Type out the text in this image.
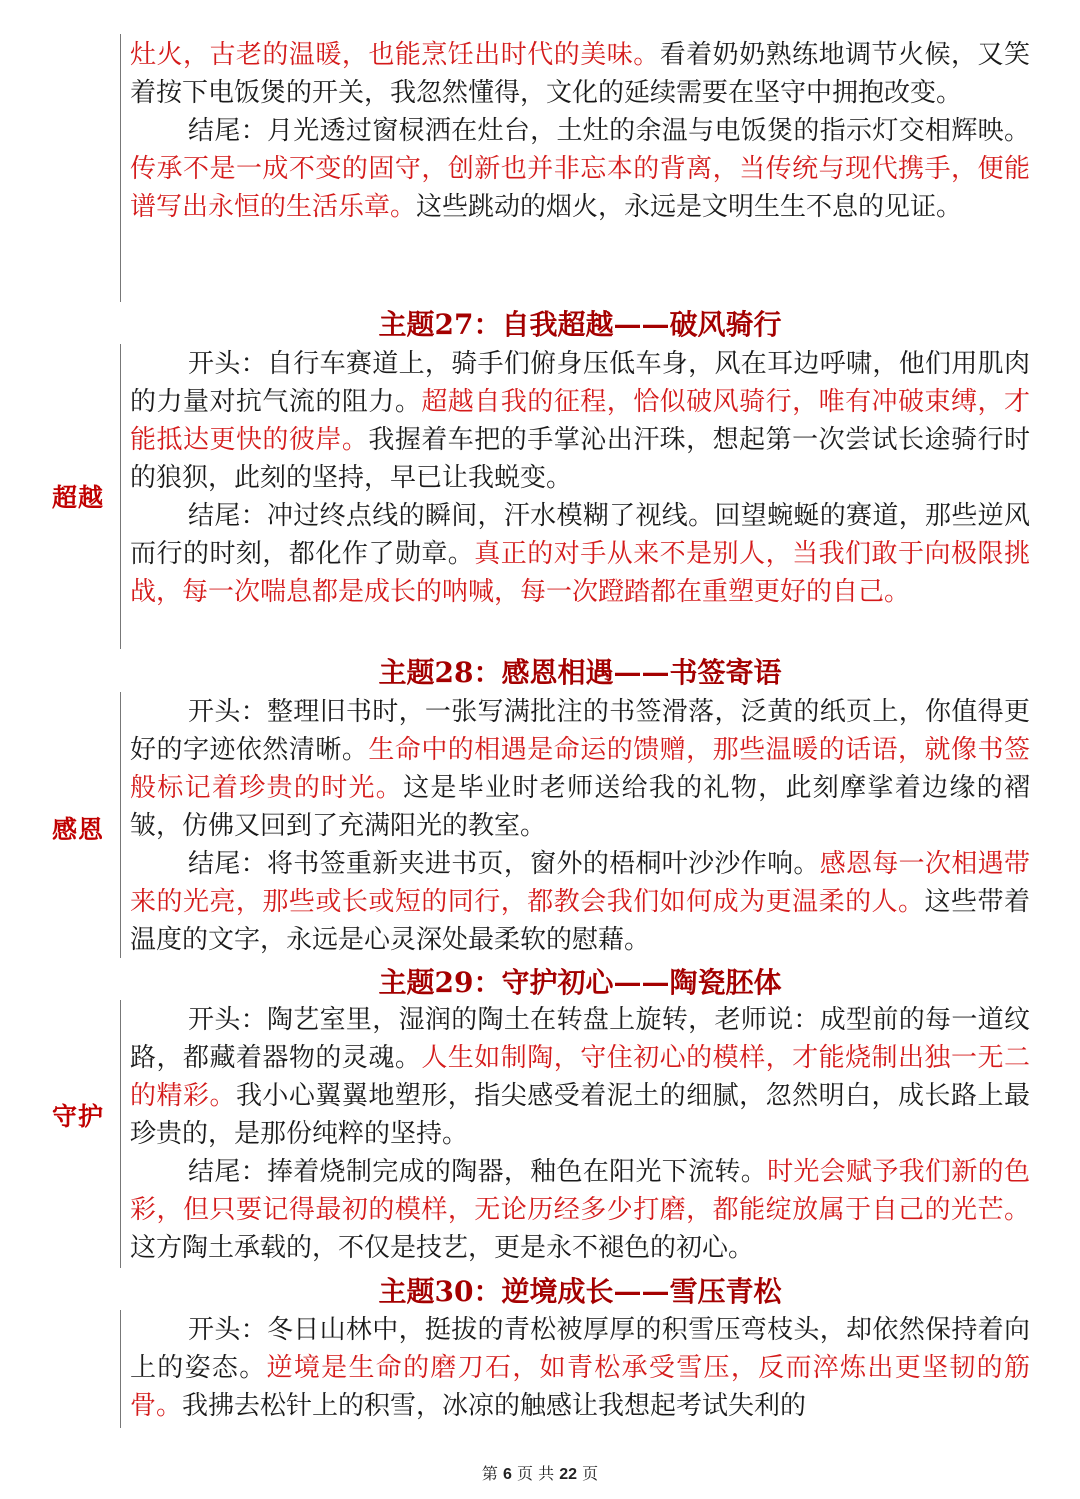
灶火，古老的温暖，也能烹饪出时代的美味。看着奶奶熟练地调节火候，又笑着按下电饭煲的开关，我忽然懂得，文化的延续需要在坚守中拥抱改变。

结尾：月光透过窗棂洒在灶台，土灶的余温与电饭煲的指示灯交相辉映。传承不是一成不变的固守，创新也并非忘本的背离，当传统与现代携手，便能谱写出永恒的生活乐章。这些跳动的烟火，永远是文明生生不息的见证。

主题27：自我超越——破风骑行
超越

开头：自行车赛道上，骑手们俯身压低车身，风在耳边呼啸，他们用肌肉的力量对抗气流的阻力。超越自我的征程，恰似破风骑行，唯有冲破束缚，才能抵达更快的彼岸。我握着车把的手掌沁出汗珠，想起第一次尝试长途骑行时的狼狈，此刻的坚持，早已让我蜕变。

结尾：冲过终点线的瞬间，汗水模糊了视线。回望蜿蜒的赛道，那些逆风而行的时刻，都化作了勋章。真正的对手从来不是别人，当我们敢于向极限挑战，每一次喘息都是成长的呐喊，每一次蹬踏都在重塑更好的自己。

主题28：感恩相遇——书签寄语
感恩

开头：整理旧书时，一张写满批注的书签滑落，泛黄的纸页上，你值得更好的字迹依然清晰。生命中的相遇是命运的馈赠，那些温暖的话语，就像书签般标记着珍贵的时光。这是毕业时老师送给我的礼物，此刻摩挲着边缘的褶皱，仿佛又回到了充满阳光的教室。

结尾：将书签重新夹进书页，窗外的梧桐叶沙沙作响。感恩每一次相遇带来的光亮，那些或长或短的同行，都教会我们如何成为更温柔的人。这些带着温度的文字，永远是心灵深处最柔软的慰藉。

主题29：守护初心——陶瓷胚体
守护

开头：陶艺室里，湿润的陶土在转盘上旋转，老师说：成型前的每一道纹路，都藏着器物的灵魂。人生如制陶，守住初心的模样，才能烧制出独一无二的精彩。我小心翼翼地塑形，指尖感受着泥土的细腻，忽然明白，成长路上最珍贵的，是那份纯粹的坚持。

结尾：捧着烧制完成的陶器，釉色在阳光下流转。时光会赋予我们新的色彩，但只要记得最初的模样，无论历经多少打磨，都能绽放属于自己的光芒。这方陶土承载的，不仅是技艺，更是永不褪色的初心。

主题30：逆境成长——雪压青松

开头：冬日山林中，挺拔的青松被厚厚的积雪压弯枝头，却依然保持着向上的姿态。逆境是生命的磨刀石，如青松承受雪压，反而淬炼出更坚韧的筋骨。我拂去松针上的积雪，冰凉的触感让我想起考试失利的

第 6 页 共 22 页
